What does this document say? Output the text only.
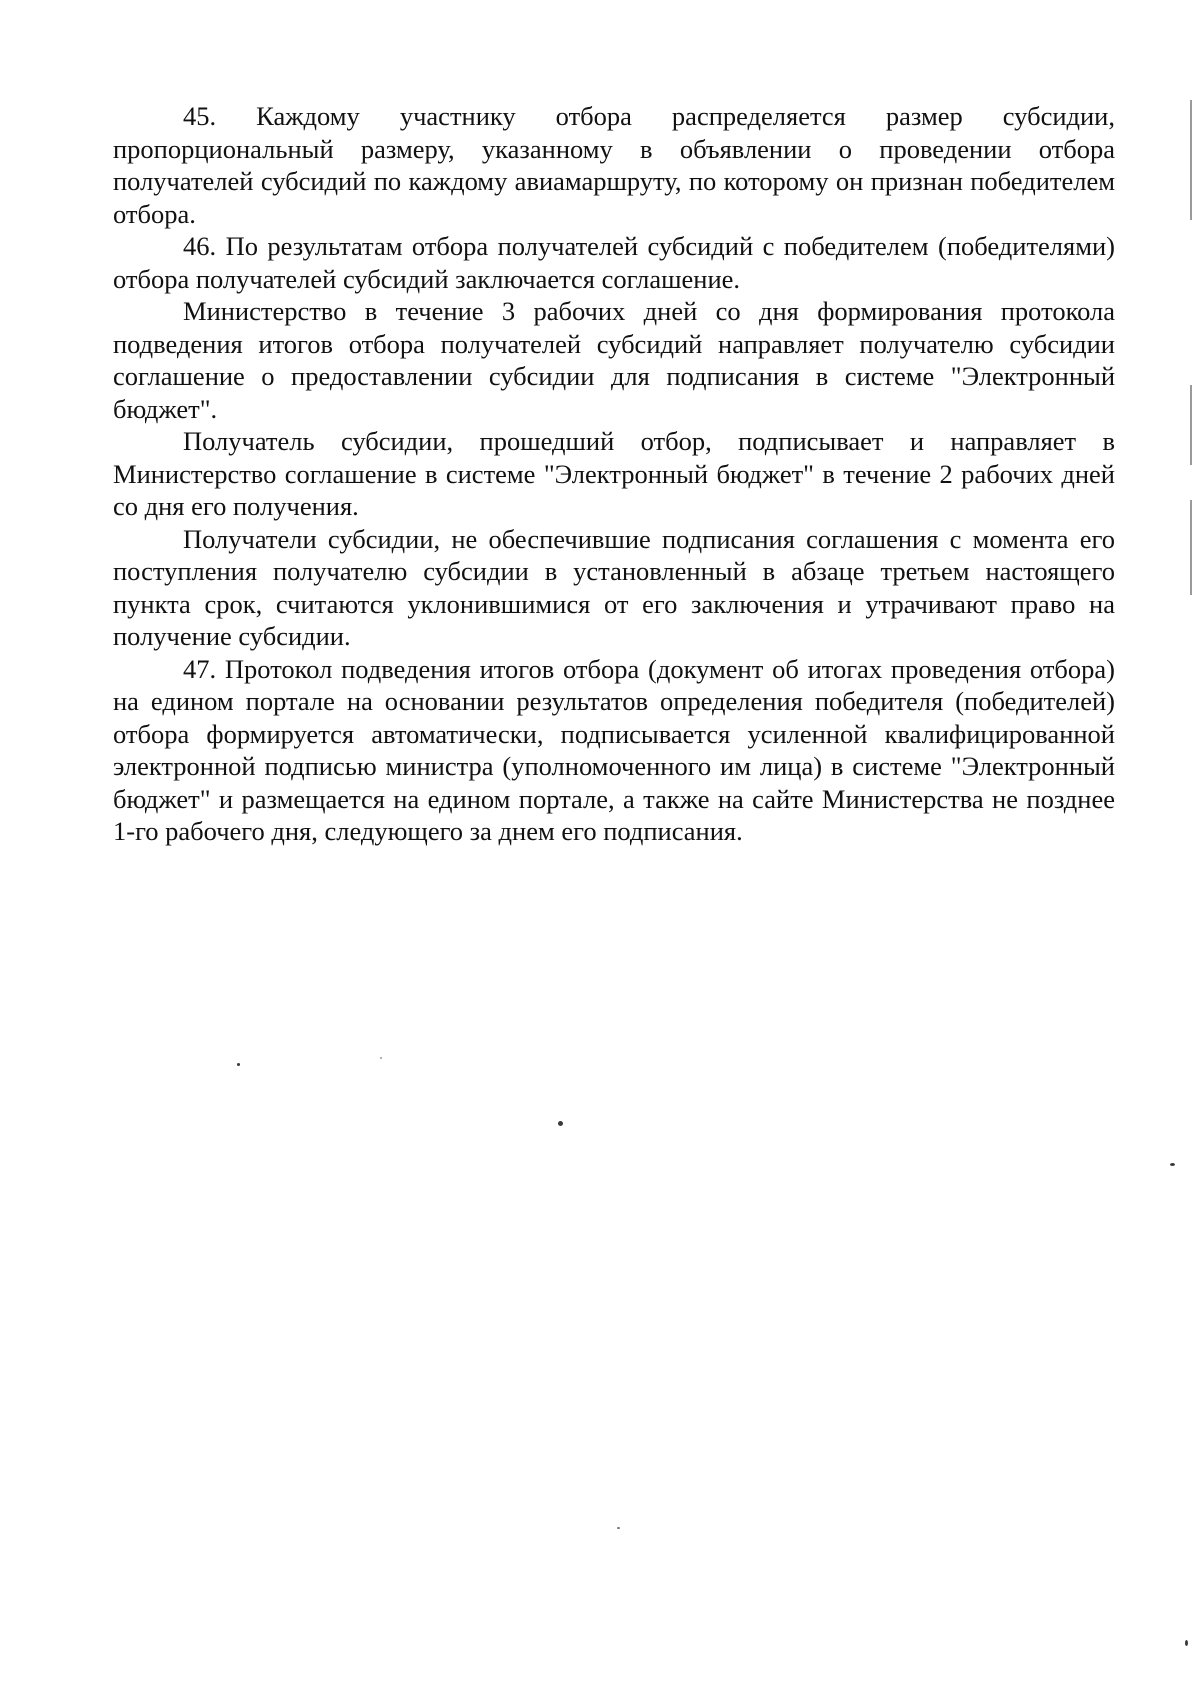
45. Каждому участнику отбора распределяется размер субсидии, пропорциональный размеру, указанному в объявлении о проведении отбора получателей субсидий по каждому авиамаршруту, по которому он признан победителем отбора.

46. По результатам отбора получателей субсидий с победителем (победителями) отбора получателей субсидий заключается соглашение.

Министерство в течение 3 рабочих дней со дня формирования протокола подведения итогов отбора получателей субсидий направляет получателю субсидии соглашение о предоставлении субсидии для подписания в системе "Электронный бюджет".

Получатель субсидии, прошедший отбор, подписывает и направляет в Министерство соглашение в системе "Электронный бюджет" в течение 2 рабочих дней со дня его получения.

Получатели субсидии, не обеспечившие подписания соглашения с момента его поступления получателю субсидии в установленный в абзаце третьем настоящего пункта срок, считаются уклонившимися от его заключения и утрачивают право на получение субсидии.

47. Протокол подведения итогов отбора (документ об итогах проведения отбора) на едином портале на основании результатов определения победителя (победителей) отбора формируется автоматически, подписывается усиленной квалифицированной электронной подписью министра (уполномоченного им лица) в системе "Электронный бюджет" и размещается на едином портале, а также на сайте Министерства не позднее 1-го рабочего дня, следующего за днем его подписания.
